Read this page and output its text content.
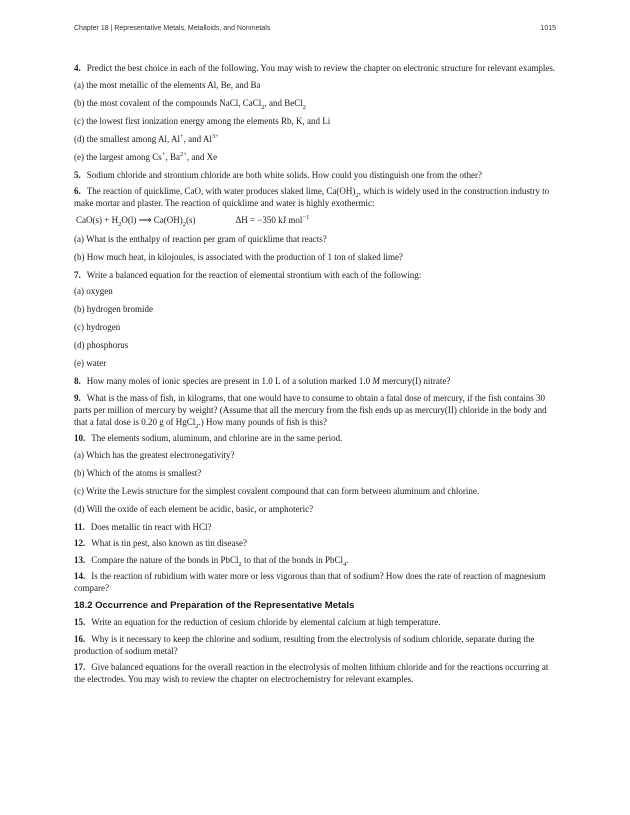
Chapter 18 | Representative Metals, Metalloids, and Nonmetals	1015

4. Predict the best choice in each of the following. You may wish to review the chapter on electronic structure for relevant examples.

(a) the most metallic of the elements Al, Be, and Ba

(b) the most covalent of the compounds NaCl, CaCl$_2$, and BeCl$_2$

(c) the lowest first ionization energy among the elements Rb, K, and Li

(d) the smallest among Al, Al+, and $Al^{3+}$

(e) the largest among Cs+, $Ba^{2+}$, and Xe

5. Sodium chloride and strontium chloride are both white solids. How could you distinguish one from the other?

6. The reaction of quicklime, CaO, with water produces slaked lime, $Ca(OH)_2$, which is widely used in the construction industry to make mortar and plaster. The reaction of quicklime and water is highly exothermic:

$CaO(s) + H_2O(l)$ ⟶ $Ca(OH)_2(s)$	ΔH = −350 kJ mol$^{-1}$

(a) What is the enthalpy of reaction per gram of quicklime that reacts?

(b) How much heat, in kilojoules, is associated with the production of 1 ton of slaked lime?

7. Write a balanced equation for the reaction of elemental strontium with each of the following:

(a) oxygen

(b) hydrogen bromide

(c) hydrogen

(d) phosphorus

(e) water

8. How many moles of ionic species are present in 1.0 L of a solution marked 1.0 M mercury(I) nitrate?

9. What is the mass of fish, in kilograms, that one would have to consume to obtain a fatal dose of mercury, if the fish contains 30 parts per million of mercury by weight? (Assume that all the mercury from the fish ends up as mercury(II) chloride in the body and that a fatal dose is 0.20 g of HgCl$_2$.) How many pounds of fish is this?

10. The elements sodium, aluminum, and chlorine are in the same period.

(a) Which has the greatest electronegativity?

(b) Which of the atoms is smallest?

(c) Write the Lewis structure for the simplest covalent compound that can form between aluminum and chlorine.

(d) Will the oxide of each element be acidic, basic, or amphoteric?

11. Does metallic tin react with HCl?

12. What is tin pest, also known as tin disease?

13. Compare the nature of the bonds in PbCl$_2$ to that of the bonds in PbCl$_4$.

14. Is the reaction of rubidium with water more or less vigorous than that of sodium? How does the rate of reaction of magnesium compare?

18.2 Occurrence and Preparation of the Representative Metals

15. Write an equation for the reduction of cesium chloride by elemental calcium at high temperature.

16. Why is it necessary to keep the chlorine and sodium, resulting from the electrolysis of sodium chloride, separate during the production of sodium metal?

17. Give balanced equations for the overall reaction in the electrolysis of molten lithium chloride and for the reactions occurring at the electrodes. You may wish to review the chapter on electrochemistry for relevant examples.
